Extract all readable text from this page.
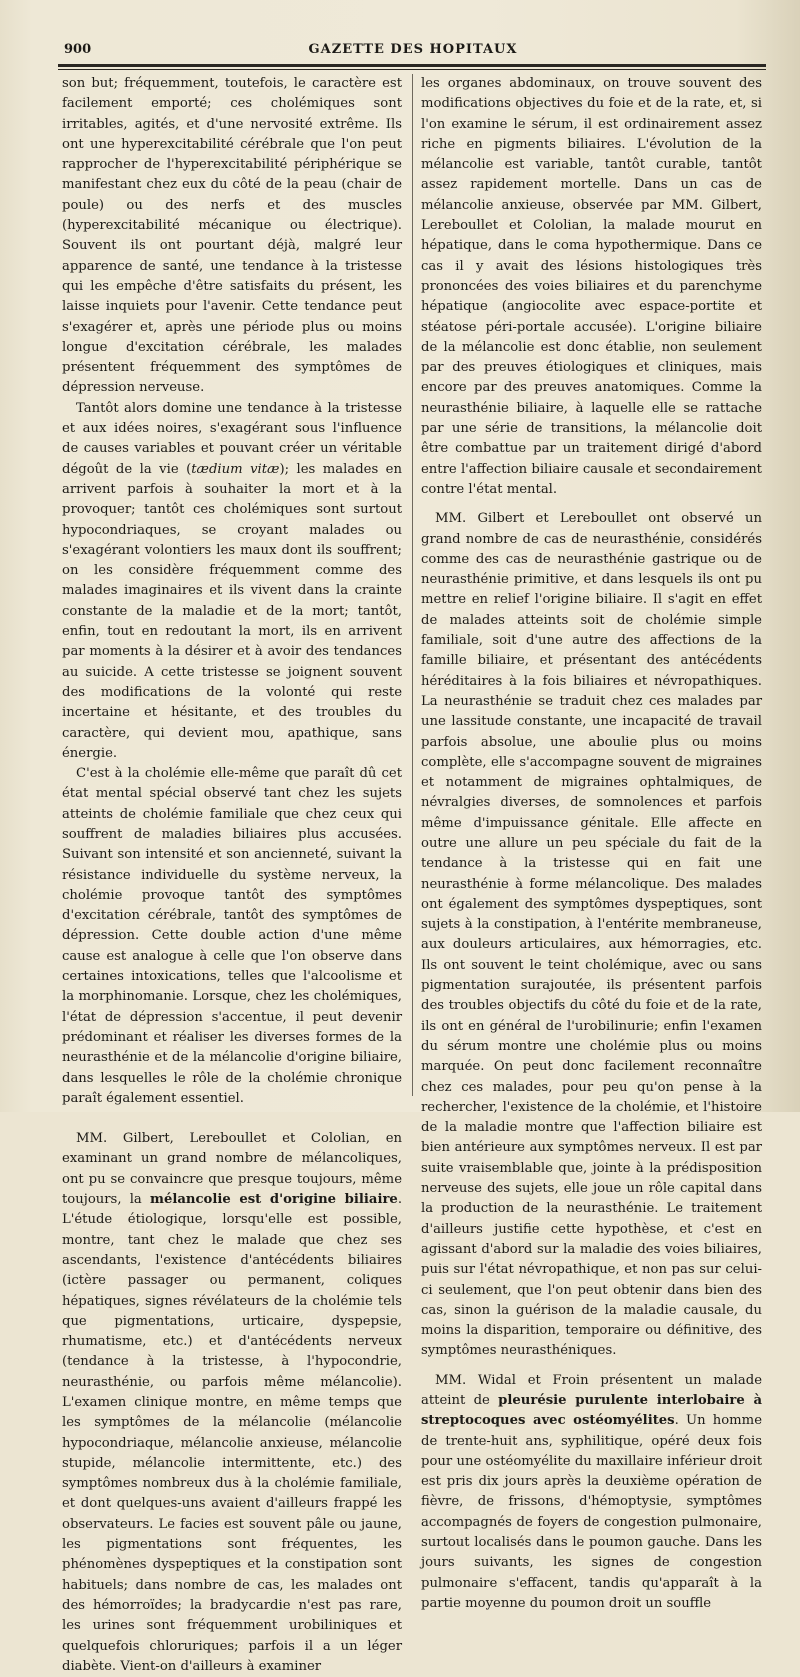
900	GAZETTE DES HOPITAUX

son but; fréquemment, toutefois, le caractère est facilement emporté; ces cholémiques sont irritables, agités, et d'une nervosité extrême. Ils ont une hyperexcitabilité cérébrale que l'on peut rapprocher de l'hyperexcitabilité périphérique se manifestant chez eux du côté de la peau (chair de poule) ou des nerfs et des muscles (hyperexcitabilité mécanique ou électrique). Souvent ils ont pourtant déjà, malgré leur apparence de santé, une tendance à la tristesse qui les empêche d'être satisfaits du présent, les laisse inquiets pour l'avenir. Cette tendance peut s'exagérer et, après une période plus ou moins longue d'excitation cérébrale, les malades présentent fréquemment des symptômes de dépression nerveuse.

Tantôt alors domine une tendance à la tristesse et aux idées noires, s'exagérant sous l'influence de causes variables et pouvant créer un véritable dégoût de la vie (tædium vitæ); les malades en arrivent parfois à souhaiter la mort et à la provoquer; tantôt ces cholémiques sont surtout hypocondriaques, se croyant malades ou s'exagérant volontiers les maux dont ils souffrent; on les considère fréquemment comme des malades imaginaires et ils vivent dans la crainte constante de la maladie et de la mort; tantôt, enfin, tout en redoutant la mort, ils en arrivent par moments à la désirer et à avoir des tendances au suicide. A cette tristesse se joignent souvent des modifications de la volonté qui reste incertaine et hésitante, et des troubles du caractère, qui devient mou, apathique, sans énergie.

C'est à la cholémie elle-même que paraît dû cet état mental spécial observé tant chez les sujets atteints de cholémie familiale que chez ceux qui souffrent de maladies biliaires plus accusées. Suivant son intensité et son ancienneté, suivant la résistance individuelle du système nerveux, la cholémie provoque tantôt des symptômes d'excitation cérébrale, tantôt des symptômes de dépression. Cette double action d'une même cause est analogue à celle que l'on observe dans certaines intoxications, telles que l'alcoolisme et la morphinomanie. Lorsque, chez les cholémiques, l'état de dépression s'accentue, il peut devenir prédominant et réaliser les diverses formes de la neurasthénie et de la mélancolie d'origine biliaire, dans lesquelles le rôle de la cholémie chronique paraît également essentiel.

MM. Gilbert, Lereboullet et Cololian, en examinant un grand nombre de mélancoliques, ont pu se convaincre que presque toujours, même toujours, la mélancolie est d'origine biliaire. L'étude étiologique, lorsqu'elle est possible, montre, tant chez le malade que chez ses ascendants, l'existence d'antécédents biliaires (ictère passager ou permanent, coliques hépatiques, signes révélateurs de la cholémie tels que pigmentations, urticaire, dyspepsie, rhumatisme, etc.) et d'antécédents nerveux (tendance à la tristesse, à l'hypocondrie, neurasthénie, ou parfois même mélancolie). L'examen clinique montre, en même temps que les symptômes de la mélancolie (mélancolie hypocondriaque, mélancolie anxieuse, mélancolie stupide, mélancolie intermittente, etc.) des symptômes nombreux dus à la cholémie familiale, et dont quelques-uns avaient d'ailleurs frappé les observateurs. Le facies est souvent pâle ou jaune, les pigmentations sont fréquentes, les phénomènes dyspeptiques et la constipation sont habituels; dans nombre de cas, les malades ont des hémorroïdes; la bradycardie n'est pas rare, les urines sont fréquemment urobiliniques et quelquefois chloruriques; parfois il a un léger diabète. Vient-on d'ailleurs à examiner

les organes abdominaux, on trouve souvent des modifications objectives du foie et de la rate, et, si l'on examine le sérum, il est ordinairement assez riche en pigments biliaires. L'évolution de la mélancolie est variable, tantôt curable, tantôt assez rapidement mortelle. Dans un cas de mélancolie anxieuse, observée par MM. Gilbert, Lereboullet et Cololian, la malade mourut en hépatique, dans le coma hypothermique. Dans ce cas il y avait des lésions histologiques très prononcées des voies biliaires et du parenchyme hépatique (angiocolite avec espace-portite et stéatose péri-portale accusée). L'origine biliaire de la mélancolie est donc établie, non seulement par des preuves étiologiques et cliniques, mais encore par des preuves anatomiques. Comme la neurasthénie biliaire, à laquelle elle se rattache par une série de transitions, la mélancolie doit être combattue par un traitement dirigé d'abord entre l'affection biliaire causale et secondairement contre l'état mental.

MM. Gilbert et Lereboullet ont observé un grand nombre de cas de neurasthénie, considérés comme des cas de neurasthénie gastrique ou de neurasthénie primitive, et dans lesquels ils ont pu mettre en relief l'origine biliaire. Il s'agit en effet de malades atteints soit de cholémie simple familiale, soit d'une autre des affections de la famille biliaire, et présentant des antécédents héréditaires à la fois biliaires et névropathiques. La neurasthénie se traduit chez ces malades par une lassitude constante, une incapacité de travail parfois absolue, une aboulie plus ou moins complète, elle s'accompagne souvent de migraines et notamment de migraines ophtalmiques, de névralgies diverses, de somnolences et parfois même d'impuissance génitale. Elle affecte en outre une allure un peu spéciale du fait de la tendance à la tristesse qui en fait une neurasthénie à forme mélancolique. Des malades ont également des symptômes dyspeptiques, sont sujets à la constipation, à l'entérite membraneuse, aux douleurs articulaires, aux hémorragies, etc. Ils ont souvent le teint cholémique, avec ou sans pigmentation surajoutée, ils présentent parfois des troubles objectifs du côté du foie et de la rate, ils ont en général de l'urobilinurie; enfin l'examen du sérum montre une cholémie plus ou moins marquée. On peut donc facilement reconnaître chez ces malades, pour peu qu'on pense à la rechercher, l'existence de la cholémie, et l'histoire de la maladie montre que l'affection biliaire est bien antérieure aux symptômes nerveux. Il est par suite vraisemblable que, jointe à la prédisposition nerveuse des sujets, elle joue un rôle capital dans la production de la neurasthénie. Le traitement d'ailleurs justifie cette hypothèse, et c'est en agissant d'abord sur la maladie des voies biliaires, puis sur l'état névropathique, et non pas sur celui-ci seulement, que l'on peut obtenir dans bien des cas, sinon la guérison de la maladie causale, du moins la disparition, temporaire ou définitive, des symptômes neurasthéniques.

MM. Widal et Froin présentent un malade atteint de pleurésie purulente interlobaire à streptocoques avec ostéomyélites. Un homme de trente-huit ans, syphilitique, opéré deux fois pour une ostéomyélite du maxillaire inférieur droit est pris dix jours après la deuxième opération de fièvre, de frissons, d'hémoptysie, symptômes accompagnés de foyers de congestion pulmonaire, surtout localisés dans le poumon gauche. Dans les jours suivants, les signes de congestion pulmonaire s'effacent, tandis qu'apparaît à la partie moyenne du poumon droit un souffle
